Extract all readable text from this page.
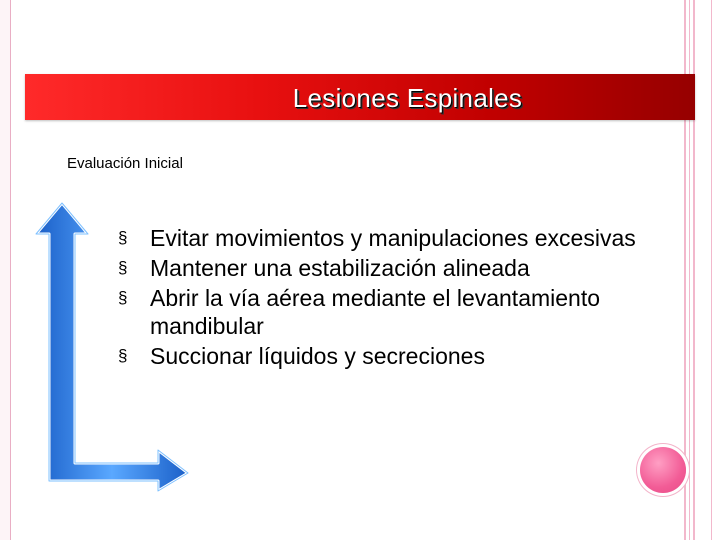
Lesiones Espinales
Evaluación Inicial
§ Evitar movimientos y manipulaciones excesivas
§ Mantener una estabilización alineada
§ Abrir la vía aérea mediante el levantamiento mandibular
§ Succionar líquidos y secreciones
